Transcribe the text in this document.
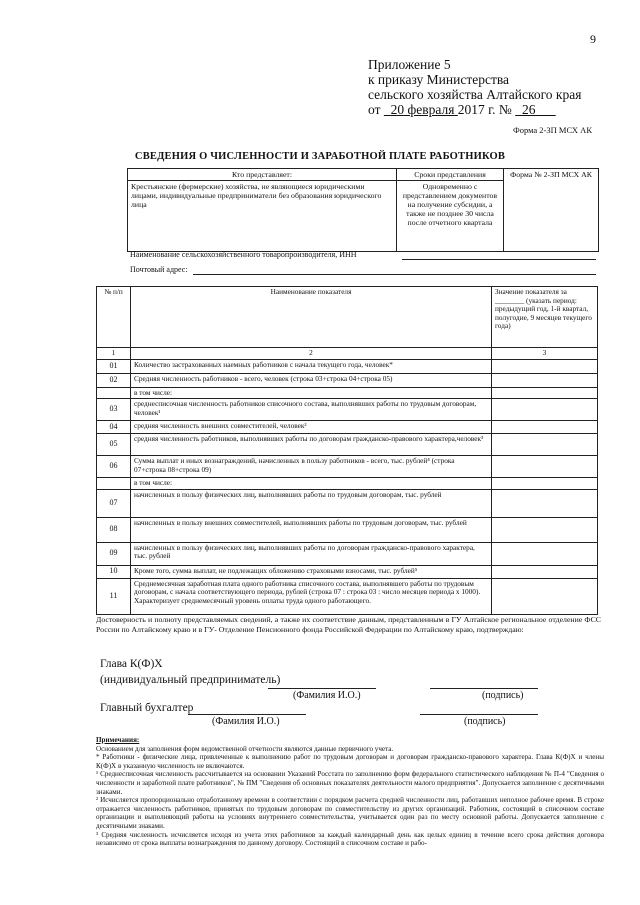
9
Приложение 5
к приказу Министерства
сельского хозяйства Алтайского края
от 20 февраля 2017 г. № 26
Форма 2-ЗП МСХ АК
СВЕДЕНИЯ О ЧИСЛЕННОСТИ И ЗАРАБОТНОЙ ПЛАТЕ РАБОТНИКОВ
Кто представляет:	Сроки представления	Форма № 2-ЗП МСХ АК
Крестьянские (фермерские) хозяйства, не являющиеся юридическими лицами, индивидуальные предприниматели без образования юридического лица	Одновременно с представлением документов на получение субсидии, а также не позднее 30 числа после отчетного квартала	
Наименование сельскохозяйственного товаропроизводителя, ИНН
Почтовый адрес:
№ п/п	Наименование показателя	Значение показателя за ________ (указать период: предыдущий год, 1-й квартал, полугодие, 9 месяцев текущего года)
1	2	3
01	Количество застрахованных наемных работников с начала текущего года, человек*	
02	Средняя численность работников - всего, человек (строка 03+строка 04+строка 05)	
	в том числе:	
03	среднесписочная численность работников списочного состава, выполнявших работы по трудовым договорам, человек¹	
04	средняя численность внешних совместителей, человек²	
05	средняя численность работников, выполнявших работы по договорам гражданско-правового характера,человек³	
06	Сумма выплат и иных вознаграждений, начисленных в пользу работников - всего, тыс. рублей⁴ (строка 07+строка 08+строка 09)	
	в том числе:	
07	начисленных в пользу физических лиц, выполнявших работы по трудовым договорам, тыс. рублей	
08	начисленных в пользу внешних совместителей, выполнявших работы по трудовым договорам, тыс. рублей	
09	начисленных в пользу физических лиц, выполнявших работы по договорам гражданско-правового характера, тыс. рублей	
10	Кроме того, сумма выплат, не подлежащих обложению страховыми взносами, тыс. рублей⁵	
11	Среднемесячная заработная плата одного работника списочного состава, выполнявшего работы по трудовым договорам, с начала соответствующего периода, рублей (строка 07 : строка 03 : число месяцев периода x 1000). Характеризует среднемесячный уровень оплаты труда одного работающего.	
Достоверность и полноту представляемых сведений, а также их соответствие данным, представленным в ГУ Алтайское региональное отделение ФСС России по Алтайскому краю и в ГУ- Отделение Пенсионного фонда Российской Федерации по Алтайскому краю, подтверждаю:
Глава К(Ф)Х
(индивидуальный предприниматель)
(Фамилия И.О.)	(подпись)
Главный бухгалтер
(Фамилия И.О.)	(подпись)

Примечания:

Основанием для заполнения форм ведомственной отчетности являются данные первичного учета.

* Работники - физические лица, привлеченные к выполнению работ по трудовым договорам и договорам гражданско-правового характера. Глава К(Ф)Х и члены К(Ф)Х в указанную численность не включаются.

¹ Среднесписочная численность рассчитывается на основании Указаний Росстата по заполнению форм федерального статистического наблюдения № П-4 "Сведения о численности и заработной плате работников", № ПМ "Сведения об основных показателях деятельности малого предприятия". Допускается заполнение с десятичными знаками.

² Исчисляется пропорционально отработанному времени в соответствии с порядком расчета средней численности лиц, работавших неполное рабочее время. В строке отражается численность работников, принятых по трудовым договорам по совместительству из других организаций. Работник, состоящий в списочном составе организации и выполняющий работы на условиях внутреннего совместительства, учитывается один раз по месту основной работы. Допускается заполнение с десятичными знаками.

³ Средняя численность исчисляется исходя из учета этих работников за каждый календарный день как целых единиц в течение всего срока действия договора независимо от срока выплаты вознаграждения по данному договору. Состоящий в списочном составе и рабо-
